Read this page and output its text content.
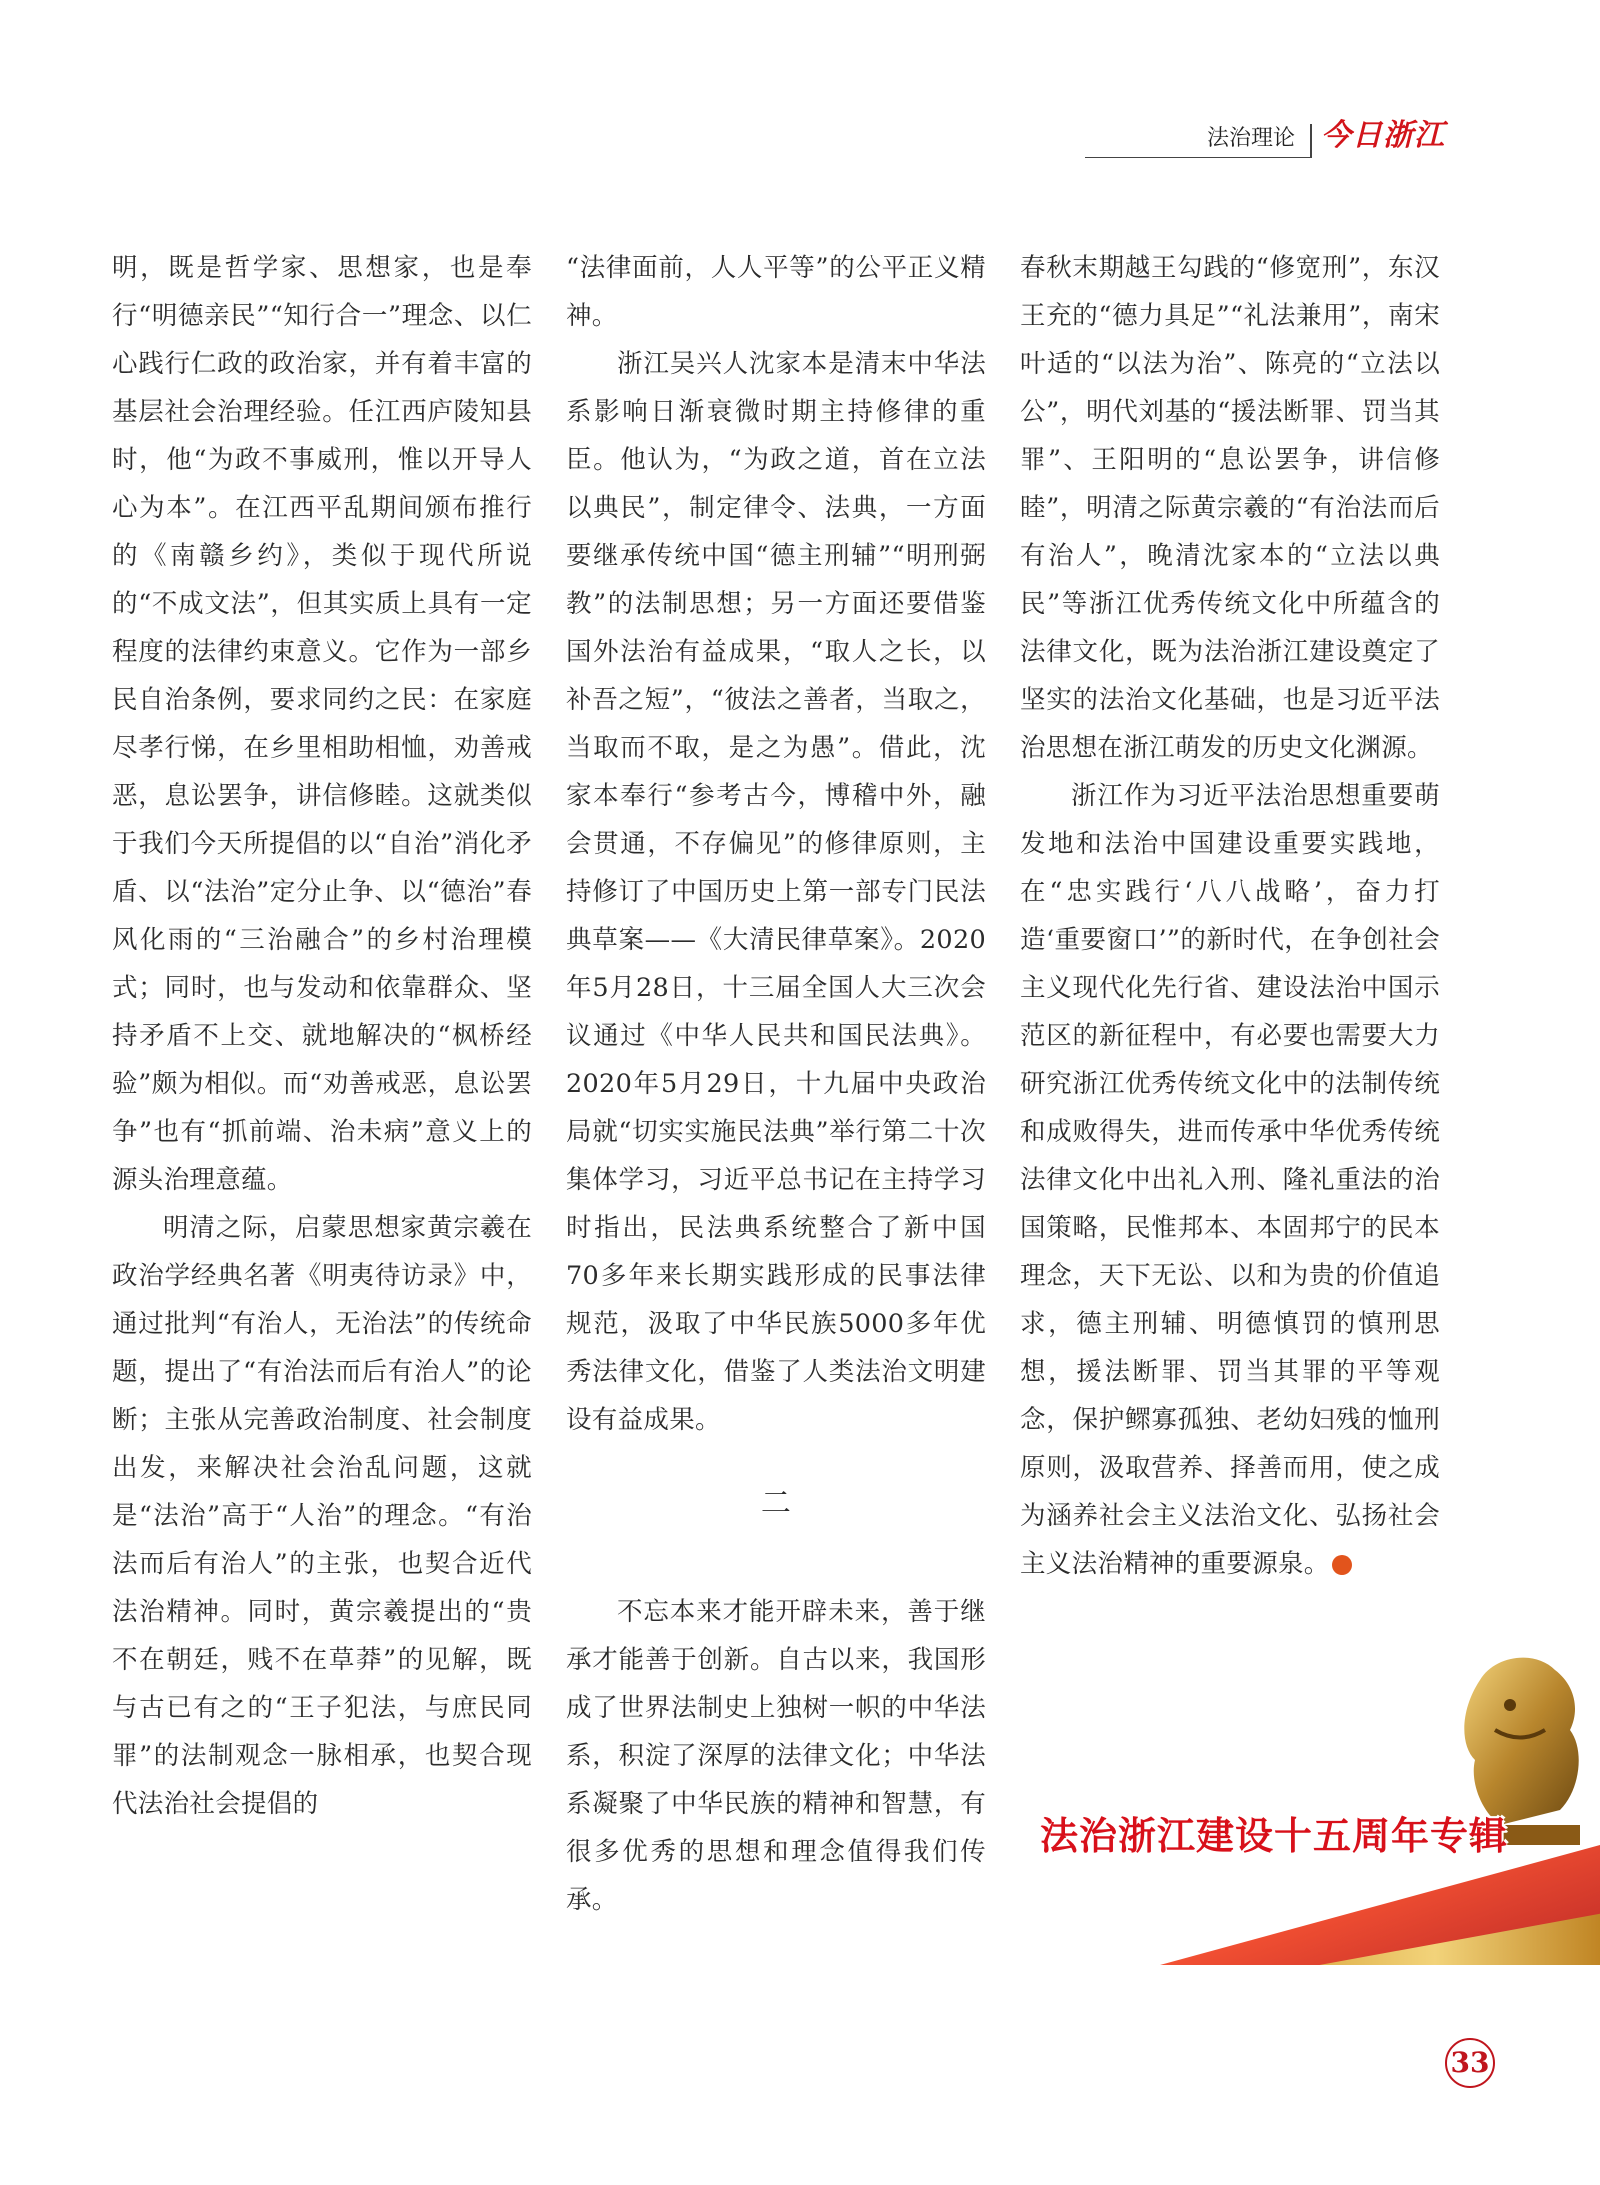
法治理论 今日浙江

明，既是哲学家、思想家，也是奉行“明德亲民”“知行合一”理念、以仁心践行仁政的政治家，并有着丰富的基层社会治理经验。任江西庐陵知县时，他“为政不事威刑，惟以开导人心为本”。在江西平乱期间颁布推行的《南赣乡约》，类似于现代所说的“不成文法”，但其实质上具有一定程度的法律约束意义。它作为一部乡民自治条例，要求同约之民：在家庭尽孝行悌，在乡里相助相恤，劝善戒恶，息讼罢争，讲信修睦。这就类似于我们今天所提倡的以“自治”消化矛盾、以“法治”定分止争、以“德治”春风化雨的“三治融合”的乡村治理模式；同时，也与发动和依靠群众、坚持矛盾不上交、就地解决的“枫桥经验”颇为相似。而“劝善戒恶，息讼罢争”也有“抓前端、治未病”意义上的源头治理意蕴。

明清之际，启蒙思想家黄宗羲在政治学经典名著《明夷待访录》中，通过批判“有治人，无治法”的传统命题，提出了“有治法而后有治人”的论断；主张从完善政治制度、社会制度出发，来解决社会治乱问题，这就是“法治”高于“人治”的理念。“有治法而后有治人”的主张，也契合近代法治精神。同时，黄宗羲提出的“贵不在朝廷，贱不在草莽”的见解，既与古已有之的“王子犯法，与庶民同罪”的法制观念一脉相承，也契合现代法治社会提倡的

“法律面前，人人平等”的公平正义精神。

浙江吴兴人沈家本是清末中华法系影响日渐衰微时期主持修律的重臣。他认为，“为政之道，首在立法以典民”，制定律令、法典，一方面要继承传统中国“德主刑辅”“明刑弼教”的法制思想；另一方面还要借鉴国外法治有益成果，“取人之长，以补吾之短”，“彼法之善者，当取之，当取而不取，是之为愚”。借此，沈家本奉行“参考古今，博稽中外，融会贯通，不存偏见”的修律原则，主持修订了中国历史上第一部专门民法典草案——《大清民律草案》。2020年5月28日，十三届全国人大三次会议通过《中华人民共和国民法典》。2020年5月29日，十九届中央政治局就“切实实施民法典”举行第二十次集体学习，习近平总书记在主持学习时指出，民法典系统整合了新中国70多年来长期实践形成的民事法律规范，汲取了中华民族5000多年优秀法律文化，借鉴了人类法治文明建设有益成果。

二

不忘本来才能开辟未来，善于继承才能善于创新。自古以来，我国形成了世界法制史上独树一帜的中华法系，积淀了深厚的法律文化；中华法系凝聚了中华民族的精神和智慧，有很多优秀的思想和理念值得我们传承。

春秋末期越王勾践的“修宽刑”，东汉王充的“德力具足”“礼法兼用”，南宋叶适的“以法为治”、陈亮的“立法以公”，明代刘基的“援法断罪、罚当其罪”、王阳明的“息讼罢争，讲信修睦”，明清之际黄宗羲的“有治法而后有治人”，晚清沈家本的“立法以典民”等浙江优秀传统文化中所蕴含的法律文化，既为法治浙江建设奠定了坚实的法治文化基础，也是习近平法治思想在浙江萌发的历史文化渊源。

浙江作为习近平法治思想重要萌发地和法治中国建设重要实践地，在“忠实践行‘八八战略’，奋力打造‘重要窗口’”的新时代，在争创社会主义现代化先行省、建设法治中国示范区的新征程中，有必要也需要大力研究浙江优秀传统文化中的法制传统和成败得失，进而传承中华优秀传统法律文化中出礼入刑、隆礼重法的治国策略，民惟邦本、本固邦宁的民本理念，天下无讼、以和为贵的价值追求，德主刑辅、明德慎罚的慎刑思想，援法断罪、罚当其罪的平等观念，保护鳏寡孤独、老幼妇残的恤刑原则，汲取营养、择善而用，使之成为涵养社会主义法治文化、弘扬社会主义法治精神的重要源泉。

法治浙江建设十五周年专辑
33
